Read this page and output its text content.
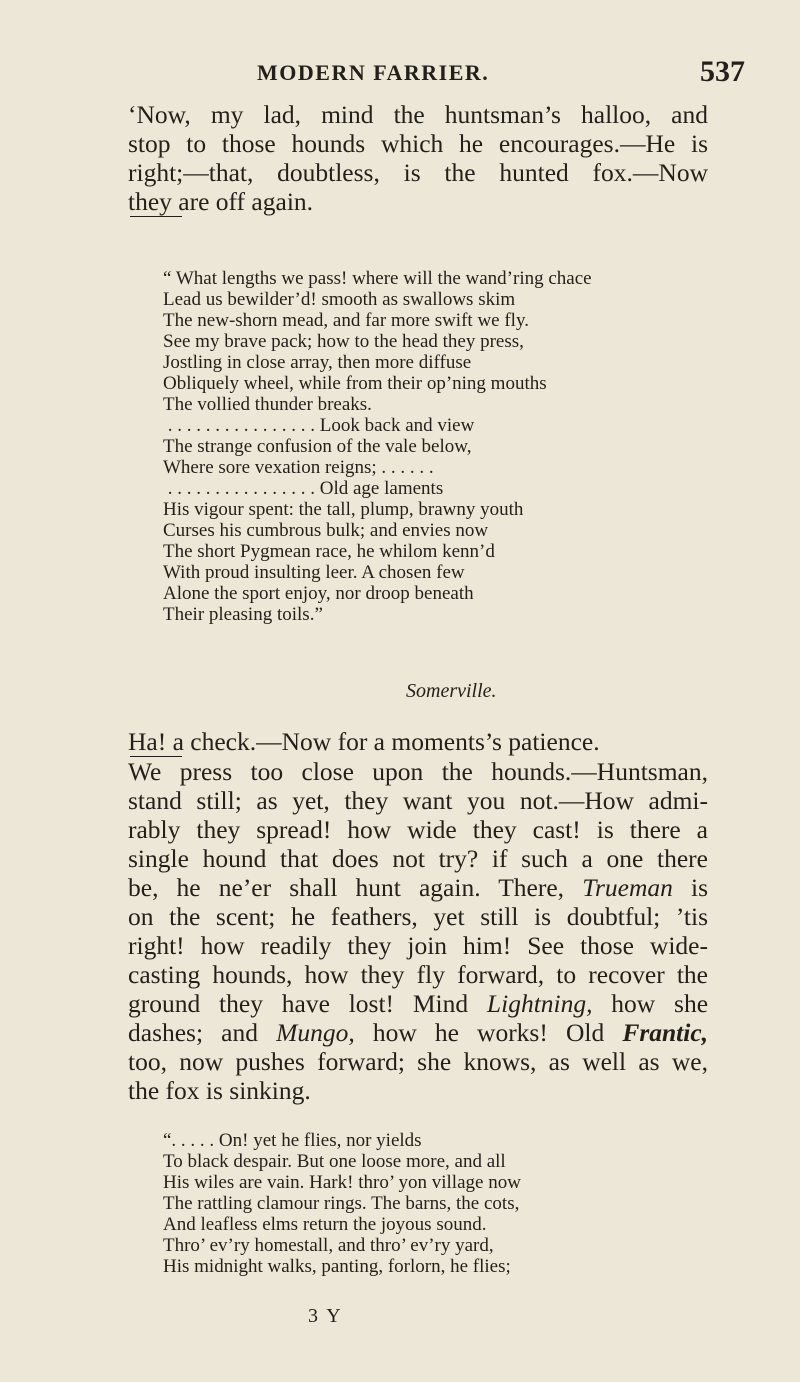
MODERN FARRIER.	537
‘Now, my lad, mind the huntsman’s halloo, and
stop to those hounds which he encourages.—He is
right;—that, doubtless, is the hunted fox.—Now
they are off again.
“ What lengths we pass! where will the wand’ring chace
Lead us bewilder’d! smooth as swallows skim
The new-shorn mead, and far more swift we fly.
See my brave pack; how to the head they press,
Jostling in close array, then more diffuse
Obliquely wheel, while from their op’ning mouths
The vollied thunder breaks.
. . . . . . . . . . . . . . . . Look back and view
The strange confusion of the vale below,
Where sore vexation reigns; . . . . . .
. . . . . . . . . . . . . . . . Old age laments
His vigour spent: the tall, plump, brawny youth
Curses his cumbrous bulk; and envies now
The short Pygmean race, he whilom kenn’d
With proud insulting leer. A chosen few
Alone the sport enjoy, nor droop beneath
Their pleasing toils.”
Somerville.
Ha! a check.—Now for a moments’s patience.
We press too close upon the hounds.—Huntsman,
stand still; as yet, they want you not.—How admi-
rably they spread! how wide they cast! is there a
single hound that does not try? if such a one there
be, he ne’er shall hunt again. There, Trueman is
on the scent; he feathers, yet still is doubtful; ’tis
right! how readily they join him! See those wide-
casting hounds, how they fly forward, to recover the
ground they have lost! Mind Lightning, how she
dashes; and Mungo, how he works! Old Frantic,
too, now pushes forward; she knows, as well as we,
the fox is sinking.
“. . . . . On! yet he flies, nor yields
To black despair. But one loose more, and all
His wiles are vain. Hark! thro’ yon village now
The rattling clamour rings. The barns, the cots,
And leafless elms return the joyous sound.
Thro’ ev’ry homestall, and thro’ ev’ry yard,
His midnight walks, panting, forlorn, he flies;
3 Y
